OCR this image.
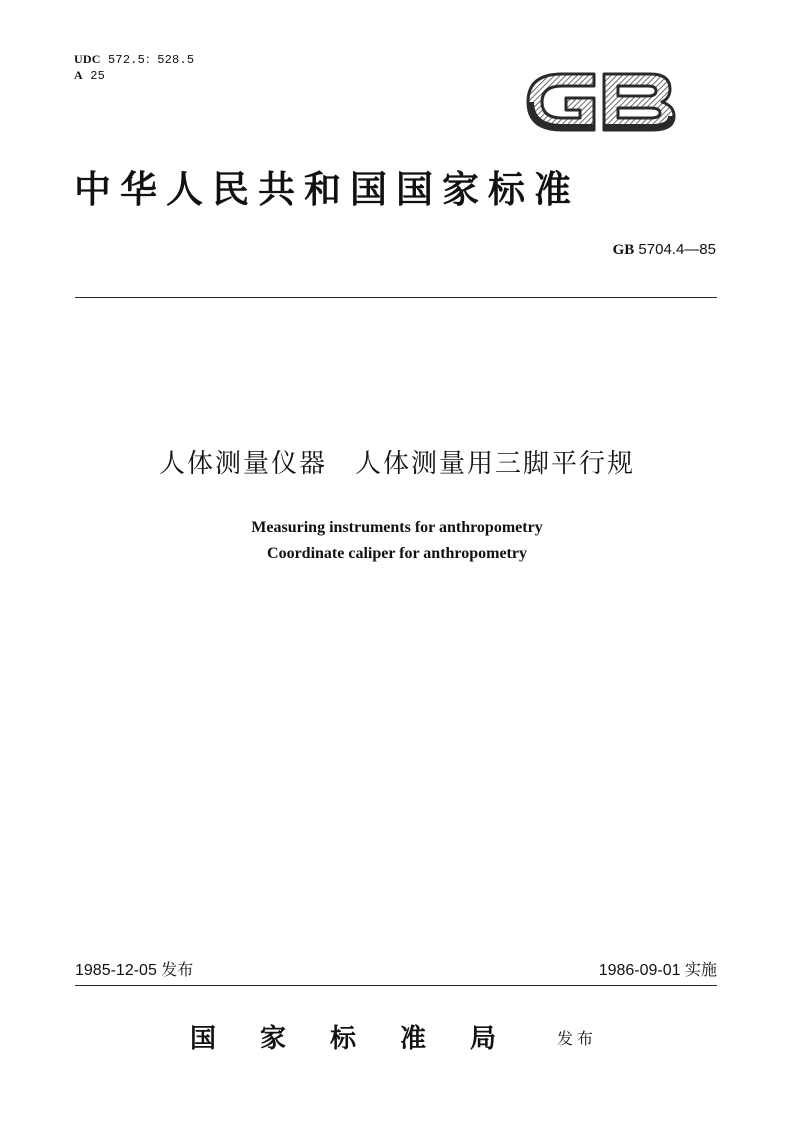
UDC 572.5：528.5
A 25
中华人民共和国国家标准
GB 5704.4—85
人体测量仪器　人体测量用三脚平行规
Measuring instruments for anthropometry
Coordinate caliper for anthropometry
1985-12-05 发布	1986-09-01 实施
国家标准局 发布
